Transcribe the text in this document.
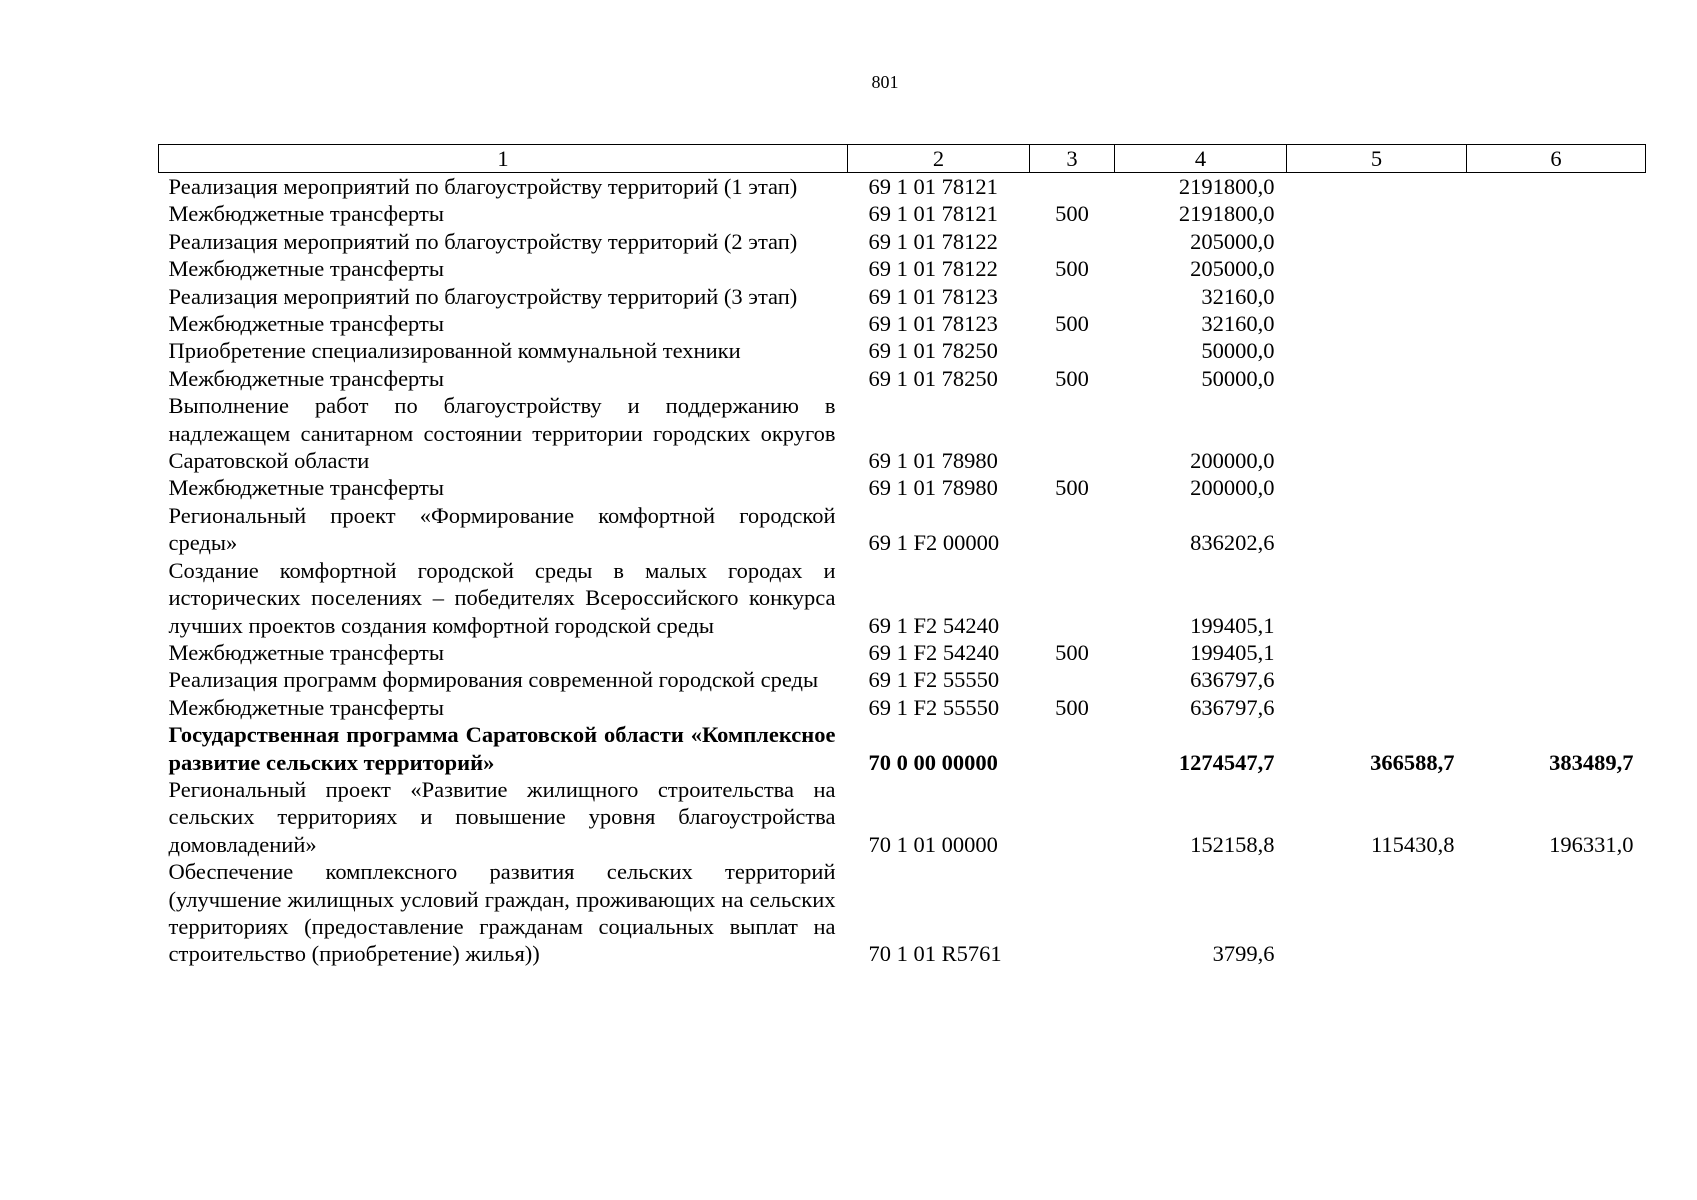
801
1	2	3	4	5	6
Реализация мероприятий по благоустройству территорий (1 этап)	69 1 01 78121		2191800,0		
Межбюджетные трансферты	69 1 01 78121	500	2191800,0		
Реализация мероприятий по благоустройству территорий (2 этап)	69 1 01 78122		205000,0		
Межбюджетные трансферты	69 1 01 78122	500	205000,0		
Реализация мероприятий по благоустройству территорий (3 этап)	69 1 01 78123		32160,0		
Межбюджетные трансферты	69 1 01 78123	500	32160,0		
Приобретение специализированной коммунальной техники	69 1 01 78250		50000,0		
Межбюджетные трансферты	69 1 01 78250	500	50000,0		
Выполнение работ по благоустройству и поддержанию в надлежащем санитарном состоянии территории городских округов Саратовской области	69 1 01 78980		200000,0		
Межбюджетные трансферты	69 1 01 78980	500	200000,0		
Региональный проект «Формирование комфортной городской среды»	69 1 F2 00000		836202,6		
Создание комфортной городской среды в малых городах и исторических поселениях – победителях Всероссийского конкурса лучших проектов создания комфортной городской среды	69 1 F2 54240		199405,1		
Межбюджетные трансферты	69 1 F2 54240	500	199405,1		
Реализация программ формирования современной городской среды	69 1 F2 55550		636797,6		
Межбюджетные трансферты	69 1 F2 55550	500	636797,6		
Государственная программа Саратовской области «Комплексное развитие сельских территорий»	70 0 00 00000		1274547,7	366588,7	383489,7
Региональный проект «Развитие жилищного строительства на сельских территориях и повышение уровня благоустройства домовладений»	70 1 01 00000		152158,8	115430,8	196331,0
Обеспечение комплексного развития сельских территорий (улучшение жилищных условий граждан, проживающих на сельских территориях (предоставление гражданам социальных выплат на строительство (приобретение) жилья))	70 1 01 R5761		3799,6		
